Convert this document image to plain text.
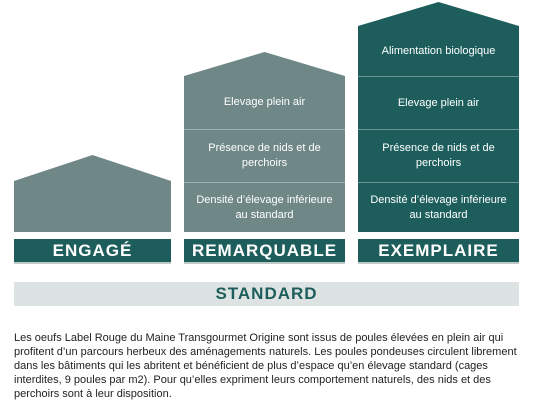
Elevage plein air
Présence de nids et de perchoirs
Densité d’élevage inférieure au standard
Alimentation biologique
Elevage plein air
Présence de nids et de perchoirs
Densité d’élevage inférieure au standard
ENGAGÉ	REMARQUABLE	EXEMPLAIRE
STANDARD
Les oeufs Label Rouge du Maine Transgourmet Origine sont issus de poules élevées en plein air qui profitent d’un parcours herbeux des aménagements naturels. Les poules pondeuses circulent librement dans les bâtiments qui les abritent et bénéficient de plus d’espace qu’en élevage standard (cages interdites, 9 poules par m2). Pour qu’elles expriment leurs comportement naturels, des nids et des perchoirs sont à leur disposition.
